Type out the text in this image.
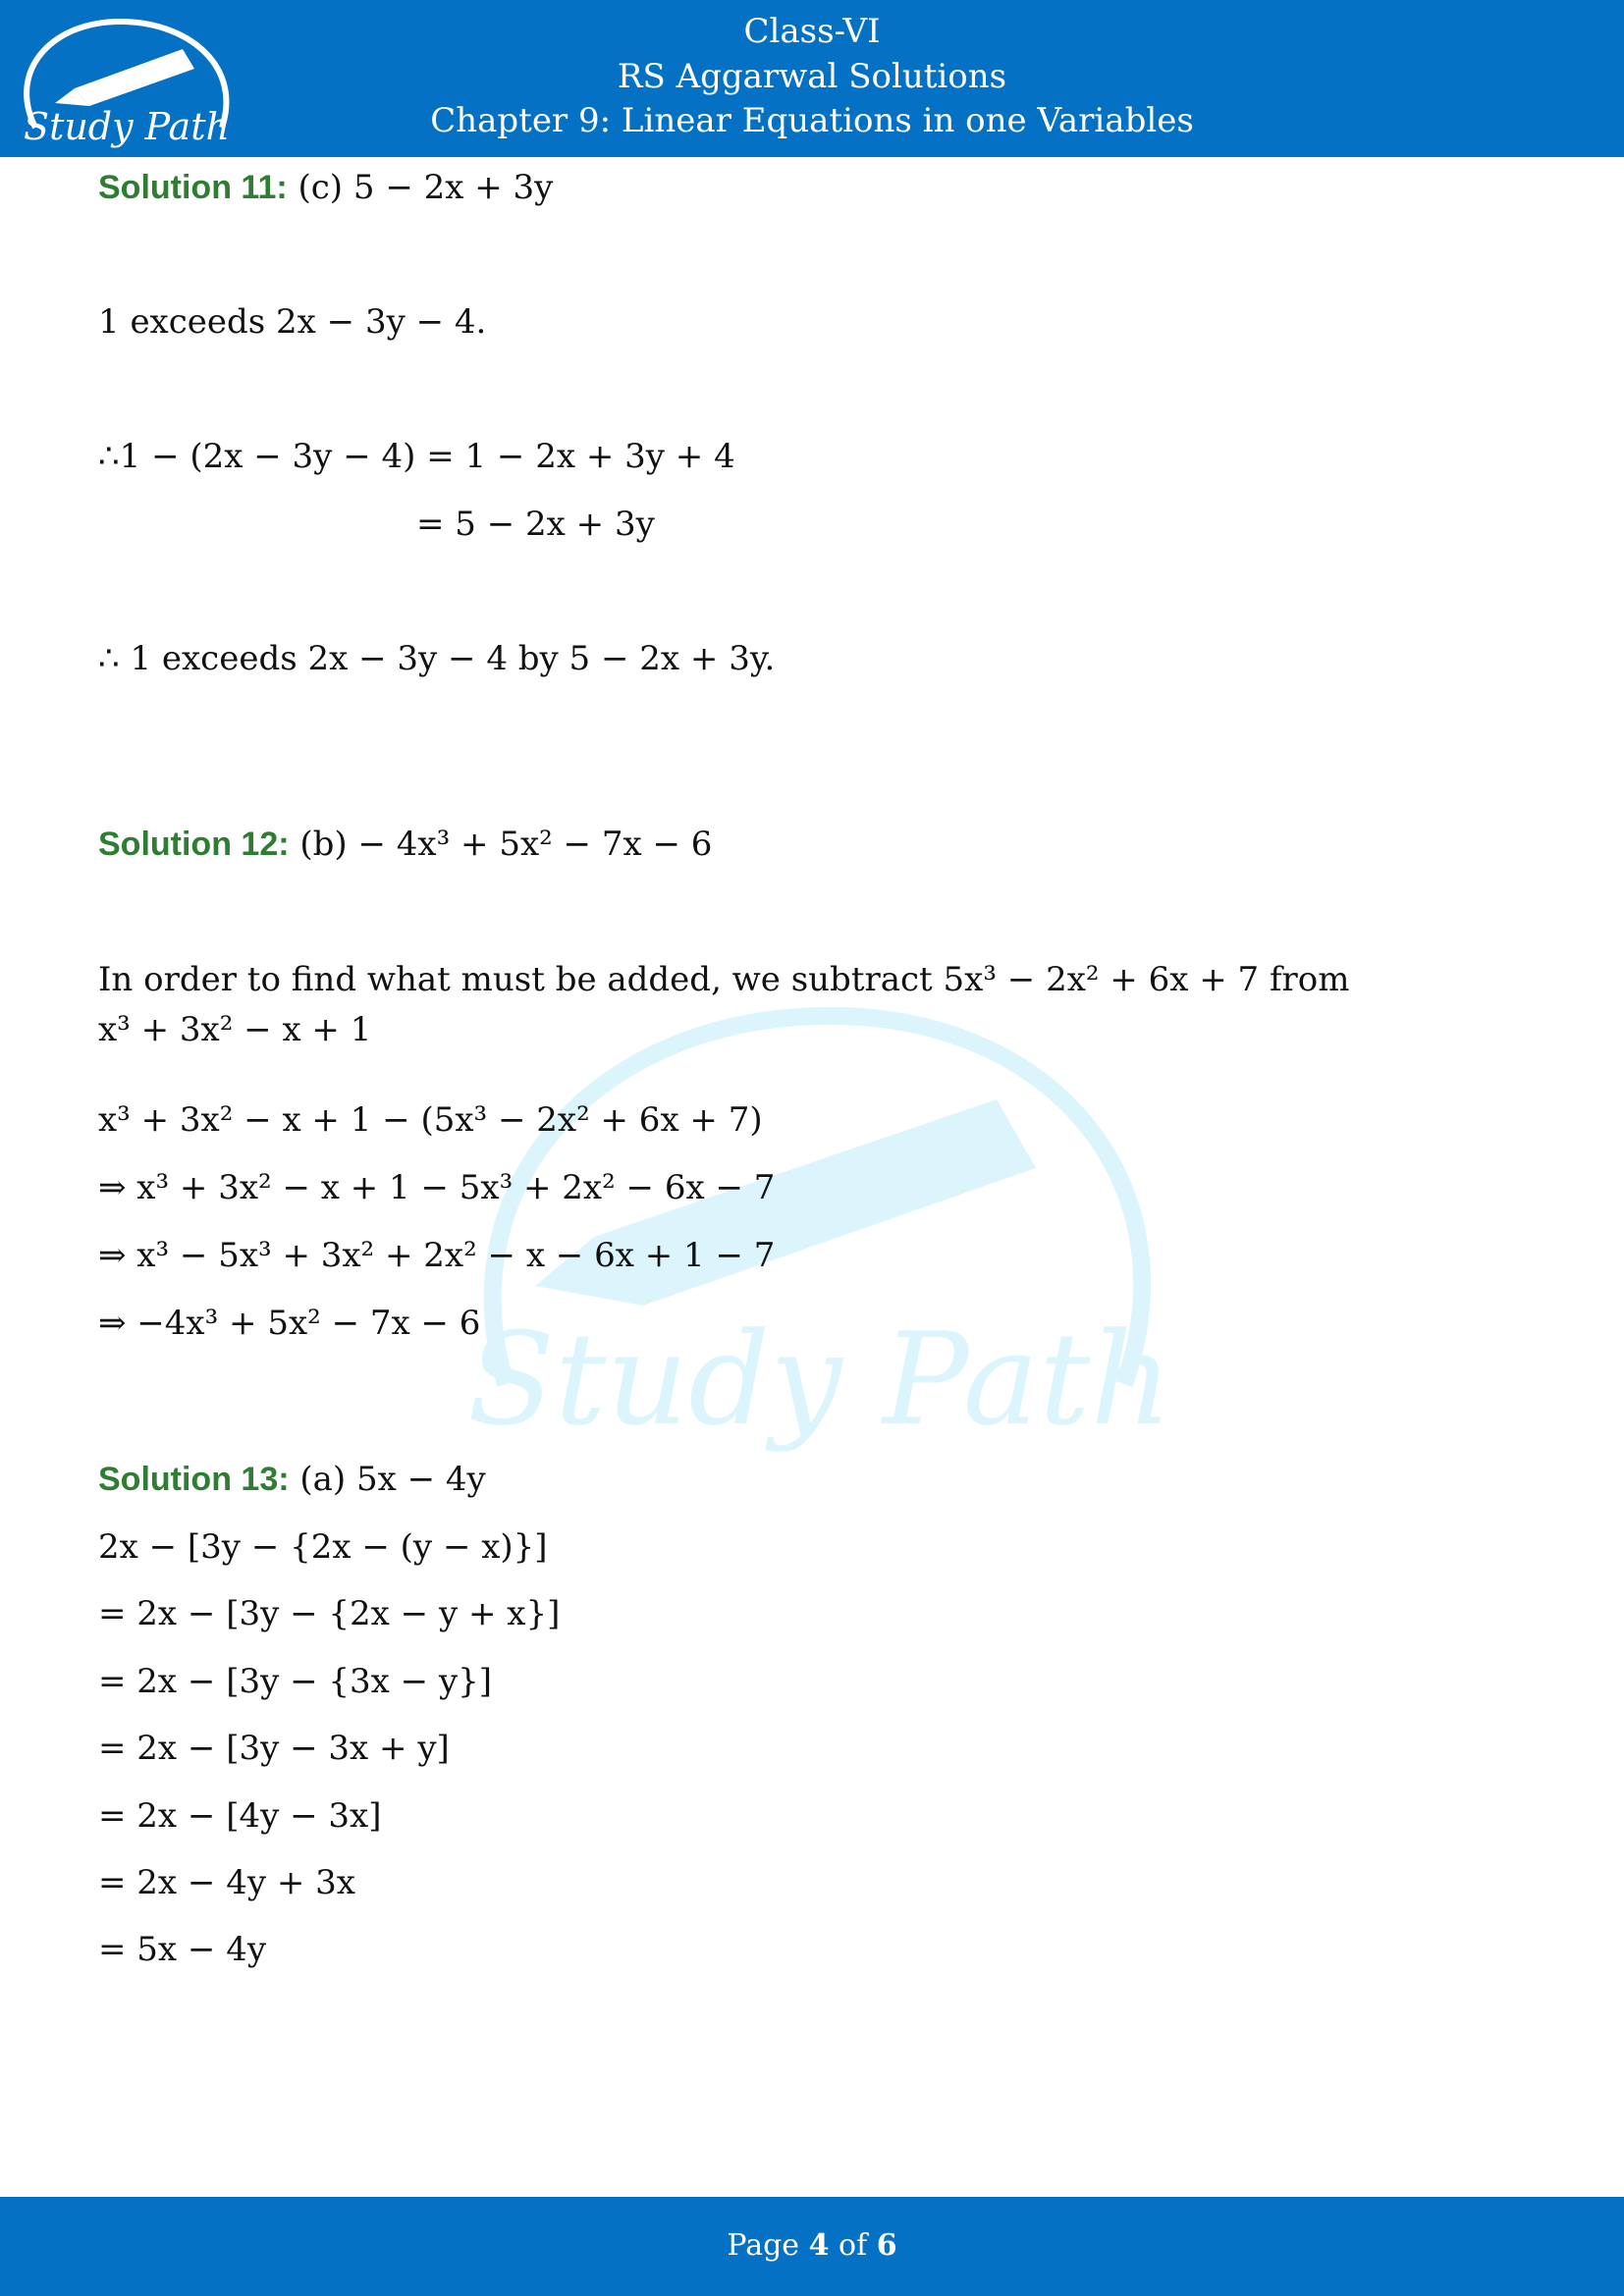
Study Path
Class-VI
RS Aggarwal Solutions
Chapter 9: Linear Equations in one Variables
Study Path
Solution 11: (c) 5 − 2x + 3y
1 exceeds 2x − 3y − 4.
∴1 − (2x − 3y − 4) = 1 − 2x + 3y + 4
= 5 − 2x + 3y
∴ 1 exceeds 2x − 3y − 4 by 5 − 2x + 3y.
Solution 12: (b) − 4x³ + 5x² − 7x − 6
In order to find what must be added, we subtract 5x³ − 2x² + 6x + 7 from
x³ + 3x² − x + 1
x³ + 3x² − x + 1 − (5x³ − 2x² + 6x + 7)
⇒ x³ + 3x² − x + 1 − 5x³ + 2x² − 6x − 7
⇒ x³ − 5x³ + 3x² + 2x² − x − 6x + 1 − 7
⇒ −4x³ + 5x² − 7x − 6
Solution 13: (a) 5x − 4y
2x − [3y − {2x − (y − x)}]
= 2x − [3y − {2x − y + x}]
= 2x − [3y − {3x − y}]
= 2x − [3y − 3x + y]
= 2x − [4y − 3x]
= 2x − 4y + 3x
= 5x − 4y
Page 4 of 6
